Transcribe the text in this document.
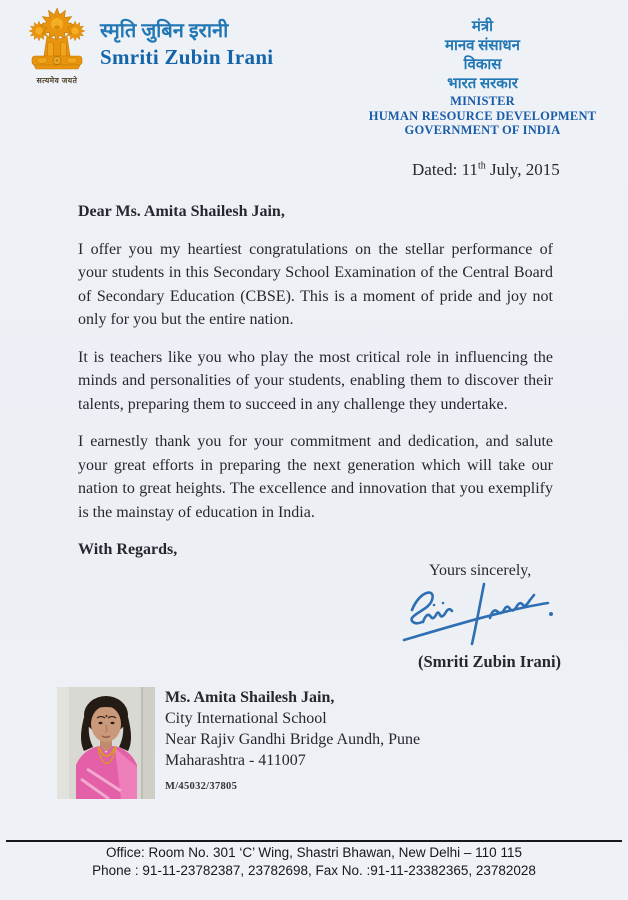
सत्यमेव जयते
स्मृति जुबिन इरानी
Smriti Zubin Irani
मंत्री
मानव संसाधन
विकास
भारत सरकार
MINISTER
HUMAN RESOURCE DEVELOPMENT
GOVERNMENT OF INDIA
Dated: 11th July, 2015

Dear Ms. Amita Shailesh Jain,

I offer you my heartiest congratulations on the stellar performance of your students in this Secondary School Examination of the Central Board of Secondary Education (CBSE). This is a moment of pride and joy not only for you but the entire nation.

It is teachers like you who play the most critical role in influencing the minds and personalities of your students, enabling them to discover their talents, preparing them to succeed in any challenge they undertake.

I earnestly thank you for your commitment and dedication, and salute your great efforts in preparing the next generation which will take our nation to great heights. The excellence and innovation that you exemplify is the mainstay of education in India.

With Regards,

Yours sincerely,
(Smriti Zubin Irani)
Ms. Amita Shailesh Jain,
City International School
Near Rajiv Gandhi Bridge Aundh, Pune
Maharashtra - 411007
M/45032/37805
Office: Room No. 301 ‘C’ Wing, Shastri Bhawan, New Delhi – 110 115
Phone : 91-11-23782387, 23782698, Fax No. :91-11-23382365, 23782028
